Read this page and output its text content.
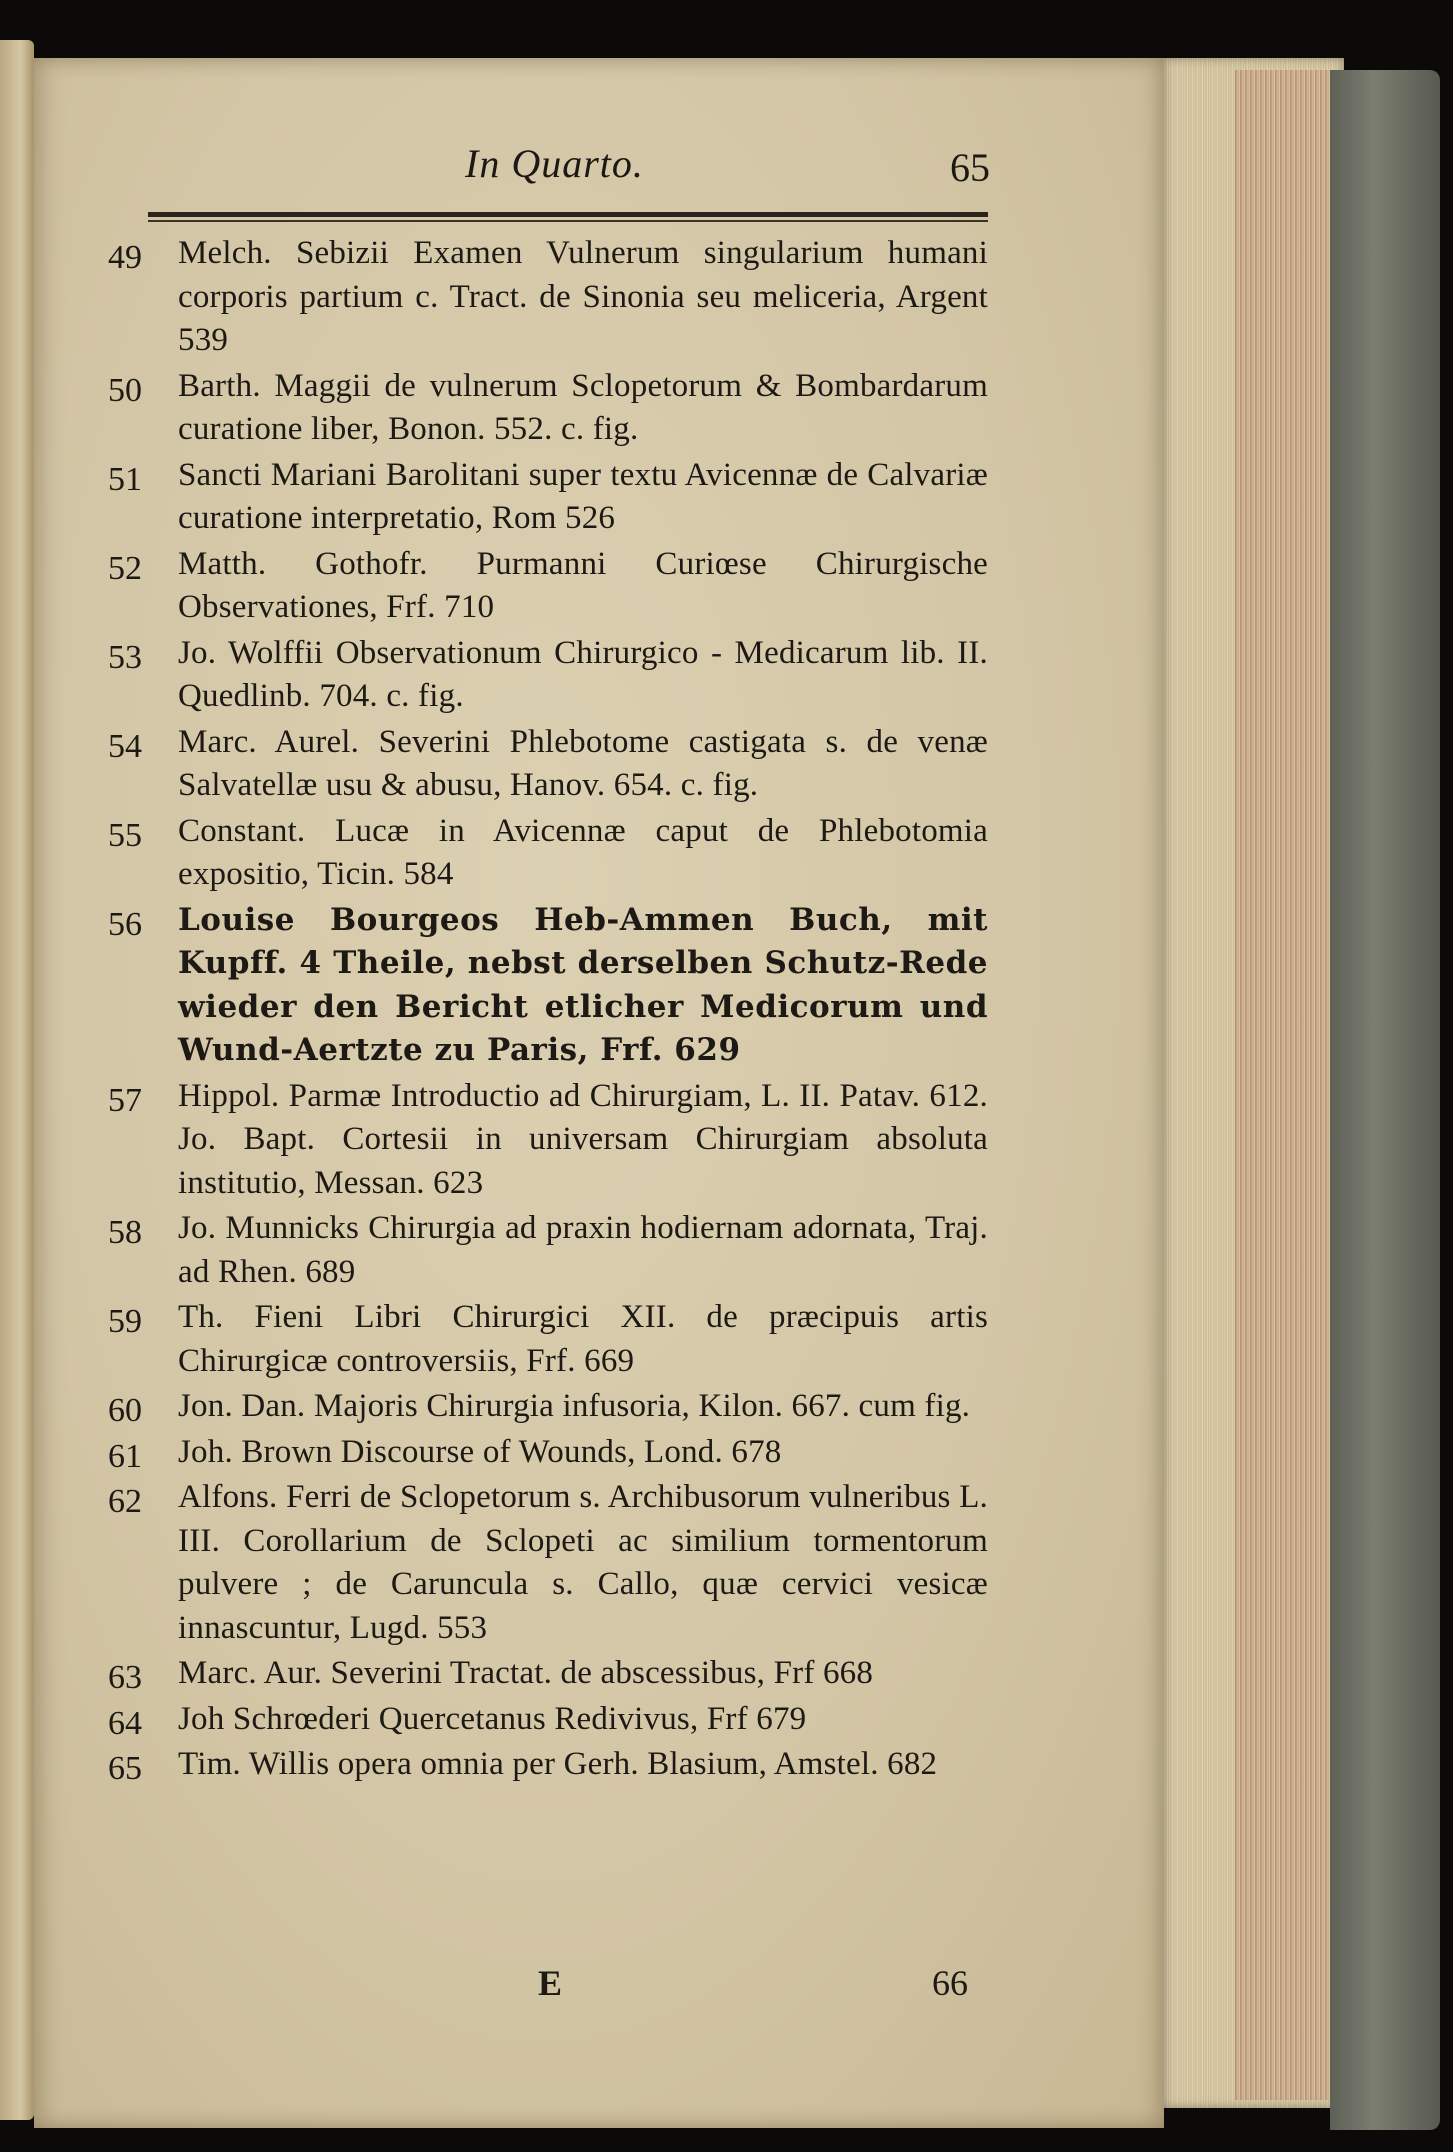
In Quarto.	65
49	Melch. Sebizii Examen Vulnerum singularium humani corporis partium c. Tract. de Sinonia seu meliceria, Argent 539
50	Barth. Maggii de vulnerum Sclopetorum & Bombardarum curatione liber, Bonon. 552. c. fig.
51	Sancti Mariani Barolitani super textu Avicennæ de Calvariæ curatione interpretatio, Rom 526
52	Matth. Gothofr. Purmanni Curiœse Chirurgische Observationes, Frf. 710
53	Jo. Wolffii Observationum Chirurgico - Medicarum lib. II. Quedlinb. 704. c. fig.
54	Marc. Aurel. Severini Phlebotome castigata s. de venæ Salvatellæ usu & abusu, Hanov. 654. c. fig.
55	Constant. Lucæ in Avicennæ caput de Phlebotomia expositio, Ticin. 584
56	Louise Bourgeos Heb-Ammen Buch, mit Kupff. 4 Theile, nebst derselben Schutz-Rede wieder den Bericht etlicher Medicorum und Wund-Aertzte zu Paris, Frf. 629
57	Hippol. Parmæ Introductio ad Chirurgiam, L. II. Patav. 612. Jo. Bapt. Cortesii in universam Chirurgiam absoluta institutio, Messan. 623
58	Jo. Munnicks Chirurgia ad praxin hodiernam adornata, Traj. ad Rhen. 689
59	Th. Fieni Libri Chirurgici XII. de præcipuis artis Chirurgicæ controversiis, Frf. 669
60	Jon. Dan. Majoris Chirurgia infusoria, Kilon. 667. cum fig.
61	Joh. Brown Discourse of Wounds, Lond. 678
62	Alfons. Ferri de Sclopetorum s. Archibusorum vulneribus L. III. Corollarium de Sclopeti ac similium tormentorum pulvere ; de Caruncula s. Callo, quæ cervici vesicæ innascuntur, Lugd. 553
63	Marc. Aur. Severini Tractat. de abscessibus, Frf 668
64	Joh Schrœderi Quercetanus Redivivus, Frf 679
65	Tim. Willis opera omnia per Gerh. Blasium, Amstel. 682
E	66
